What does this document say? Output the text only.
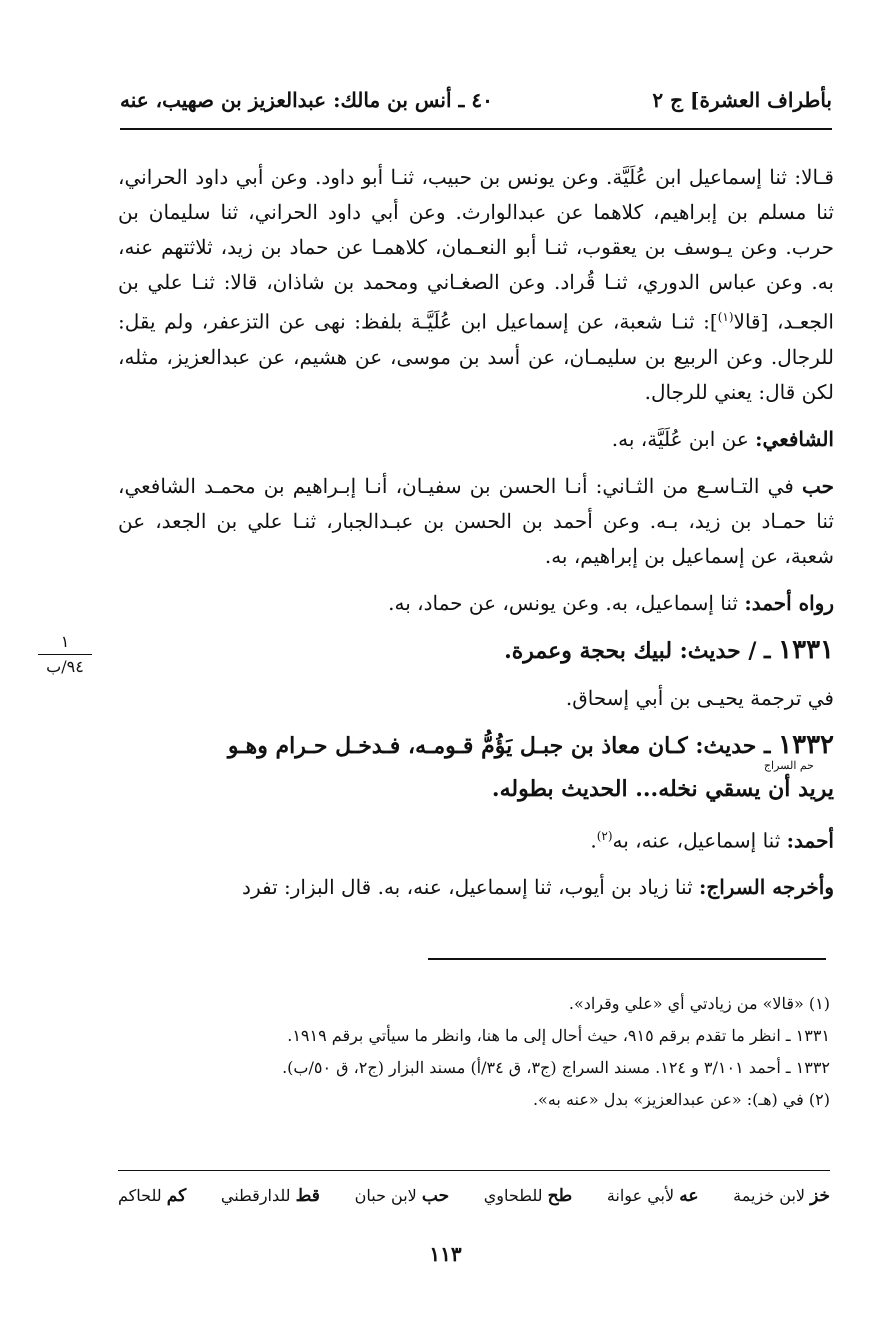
بأطراف العشرة] ج ٢
٤٠ ـ أنس بن مالك: عبدالعزيز بن صهيب، عنه

قـالا: ثنا إسماعيل ابن عُلَيَّة. وعن يونس بن حبيب، ثنـا أبو داود. وعن أبي داود الحراني، ثنا مسلم بن إبراهيم، كلاهما عن عبدالوارث. وعن أبي داود الحراني، ثنا سليمان بن حرب. وعن يـوسف بن يعقوب، ثنـا أبو النعـمان، كلاهمـا عن حماد بن زيد، ثلاثتهم عنه، به. وعن عباس الدوري، ثنـا قُراد. وعن الصغـاني ومحمد بن شاذان، قالا: ثنـا علي بن الجعـد، [قالا$^{(١)}$]: ثنـا شعبة، عن إسماعيل ابن عُلَيَّـة بلفظ: نهى عن التزعفر، ولم يقل: للرجال. وعن الربيع بن سليمـان، عن أسد بن موسى، عن هشيم، عن عبدالعزيز، مثله، لكن قال: يعني للرجال.

الشافعي: عن ابن عُلَيَّة، به.

حب في التـاسـع من الثـاني: أنـا الحسن بن سفيـان، أنـا إبـراهيم بن محمـد الشافعي، ثنا حمـاد بن زيد، بـه. وعن أحمد بن الحسن بن عبـدالجبار، ثنـا علي بن الجعد، عن شعبة، عن إسماعيل بن إبراهيم، به.

رواه أحمد: ثنا إسماعيل، به. وعن يونس، عن حماد، به.

١٣٣١ ـ / حديث: لبيك بحجة وعمرة.

في ترجمة يحيـى بن أبي إسحاق.

١٣٣٢ ـ حديث: كـان معاذ بن جبـل يَؤُمُّ قـومـه، فـدخـل حـرام وهـو

حم السراج

يريد أن يسقي نخله... الحديث بطوله.

أحمد: ثنا إسماعيل، عنه، به$^{(٢)}$.

وأخرجه السراج: ثنا زياد بن أيوب، ثنا إسماعيل، عنه، به. قال البزار: تفرد

١
٩٤/ب

(١) «قالا» من زيادتي أي «علي وقراد».

١٣٣١ ـ انظر ما تقدم برقم ٩١٥، حيث أحال إلى ما هنا، وانظر ما سيأتي برقم ١٩١٩.

١٣٣٢ ـ أحمد ٣/١٠١ و ١٢٤. مسند السراج (ج٣، ق ٣٤/أ) مسند البزار (ج٢، ق ٥٠/ب).

(٢) في (هـ): «عن عبدالعزيز» بدل «عنه به».

خز لابن خزيمة
عه لأبي عوانة
طح للطحاوي
حب لابن حبان
قط للدارقطني
كم للحاكم
١١٣
